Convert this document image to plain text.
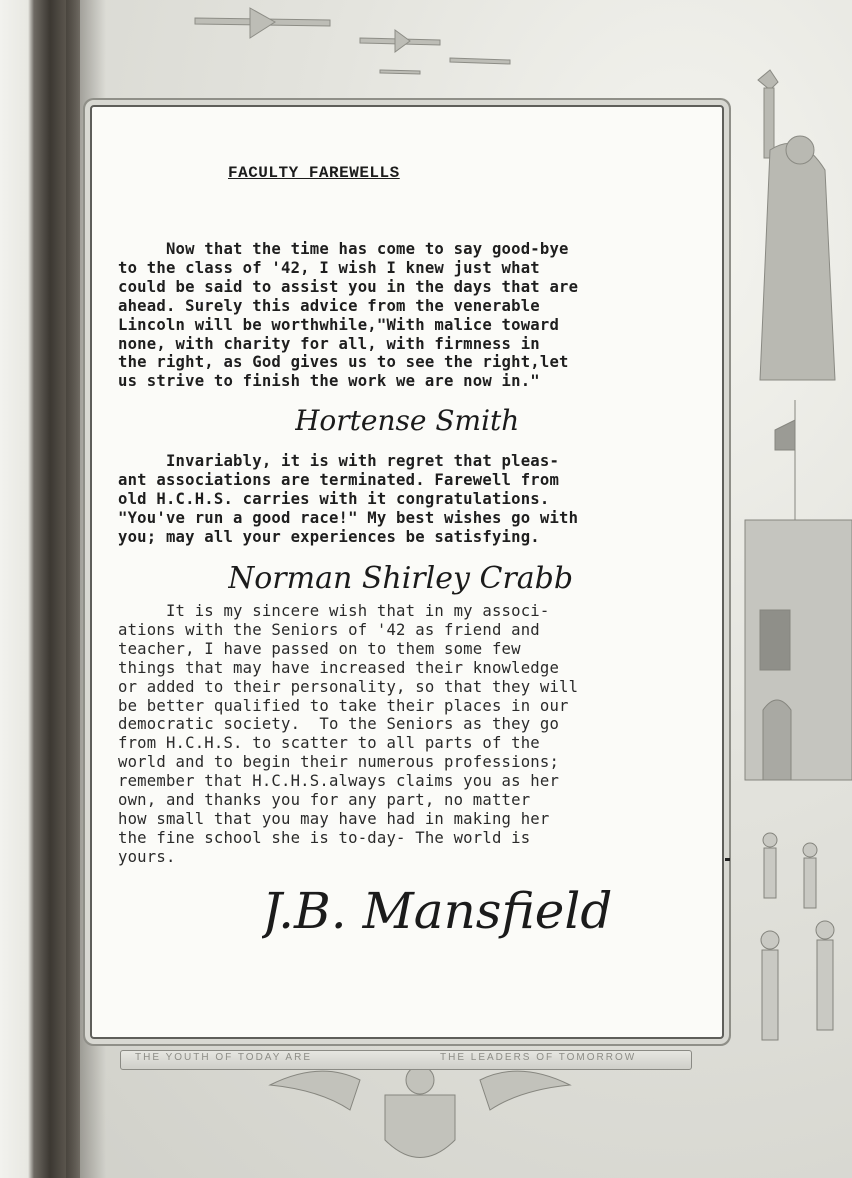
THE YOUTH OF TODAY ARE	THE LEADERS OF TOMORROW
FACULTY FAREWELLS
Now that the time has come to say good-bye
to the class of '42, I wish I knew just what
could be said to assist you in the days that are
ahead. Surely this advice from the venerable
Lincoln will be worthwhile,"With malice toward
none, with charity for all, with firmness in
the right, as God gives us to see the right,let
us strive to finish the work we are now in."
Hortense Smith
Invariably, it is with regret that pleas-
ant associations are terminated. Farewell from
old H.C.H.S. carries with it congratulations.
"You've run a good race!" My best wishes go with
you; may all your experiences be satisfying.
Norman Shirley Crabb
It is my sincere wish that in my associ-
ations with the Seniors of '42 as friend and
teacher, I have passed on to them some few
things that may have increased their knowledge
or added to their personality, so that they will
be better qualified to take their places in our
democratic society.  To the Seniors as they go
from H.C.H.S. to scatter to all parts of the
world and to begin their numerous professions;
remember that H.C.H.S.always claims you as her
own, and thanks you for any part, no matter
how small that you may have had in making her
the fine school she is to-day- The world is
yours.
J.B. Mansfield
